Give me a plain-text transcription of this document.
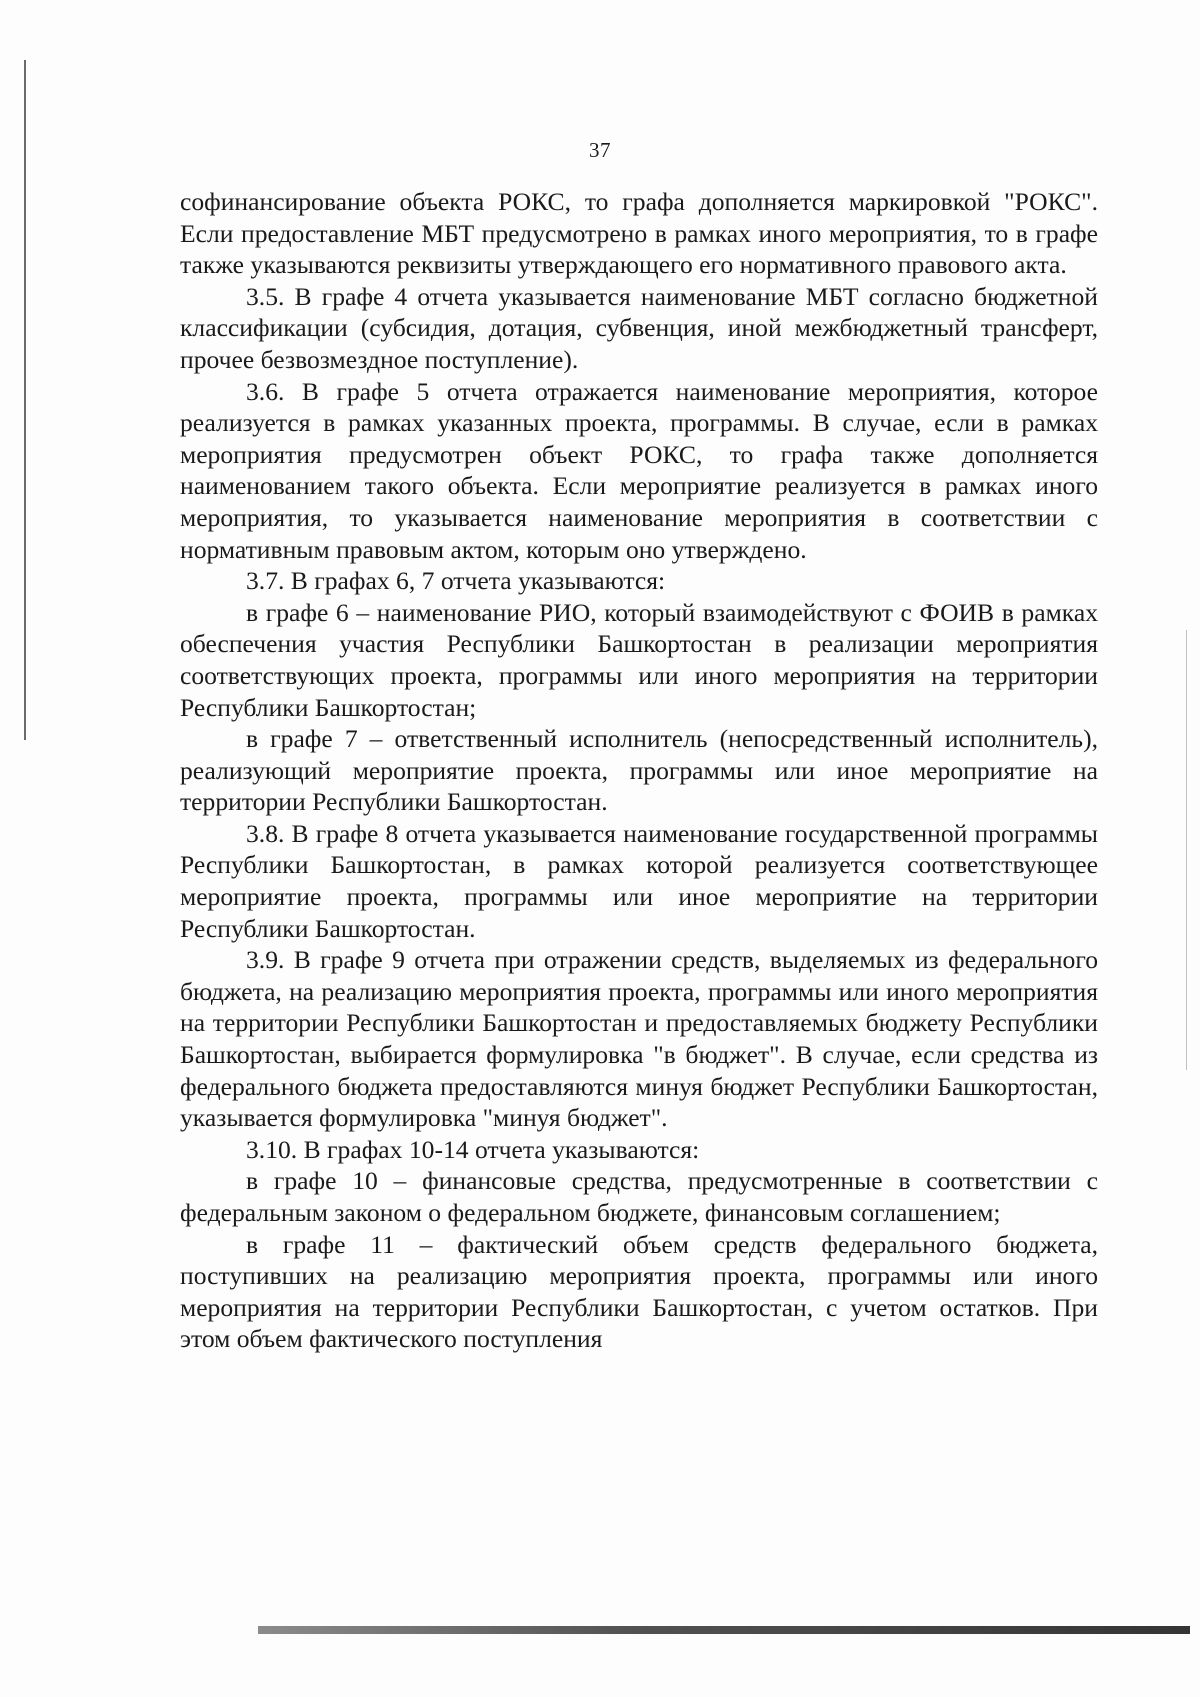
37

софинансирование объекта РОКС, то графа дополняется маркировкой "РОКС". Если предоставление МБТ предусмотрено в рамках иного мероприятия, то в графе также указываются реквизиты утверждающего его нормативного правового акта.

3.5. В графе 4 отчета указывается наименование МБТ согласно бюджетной классификации (субсидия, дотация, субвенция, иной межбюджетный трансферт, прочее безвозмездное поступление).

3.6. В графе 5 отчета отражается наименование мероприятия, которое реализуется в рамках указанных проекта, программы. В случае, если в рамках мероприятия предусмотрен объект РОКС, то графа также дополняется наименованием такого объекта. Если мероприятие реализуется в рамках иного мероприятия, то указывается наименование мероприятия в соответствии с нормативным правовым актом, которым оно утверждено.

3.7. В графах 6, 7 отчета указываются:

в графе 6 – наименование РИО, который взаимодействуют с ФОИВ в рамках обеспечения участия Республики Башкортостан в реализации мероприятия соответствующих проекта, программы или иного мероприятия на территории Республики Башкортостан;

в графе 7 – ответственный исполнитель (непосредственный исполнитель), реализующий мероприятие проекта, программы или иное мероприятие на территории Республики Башкортостан.

3.8. В графе 8 отчета указывается наименование государственной программы Республики Башкортостан, в рамках которой реализуется соответствующее мероприятие проекта, программы или иное мероприятие на территории Республики Башкортостан.

3.9. В графе 9 отчета при отражении средств, выделяемых из федерального бюджета, на реализацию мероприятия проекта, программы или иного мероприятия на территории Республики Башкортостан и предоставляемых бюджету Республики Башкортостан, выбирается формулировка "в бюджет". В случае, если средства из федерального бюджета предоставляются минуя бюджет Республики Башкортостан, указывается формулировка "минуя бюджет".

3.10. В графах 10-14 отчета указываются:

в графе 10 – финансовые средства, предусмотренные в соответствии с федеральным законом о федеральном бюджете, финансовым соглашением;

в графе 11 – фактический объем средств федерального бюджета, поступивших на реализацию мероприятия проекта, программы или иного мероприятия на территории Республики Башкортостан, с учетом остатков. При этом объем фактического поступления
